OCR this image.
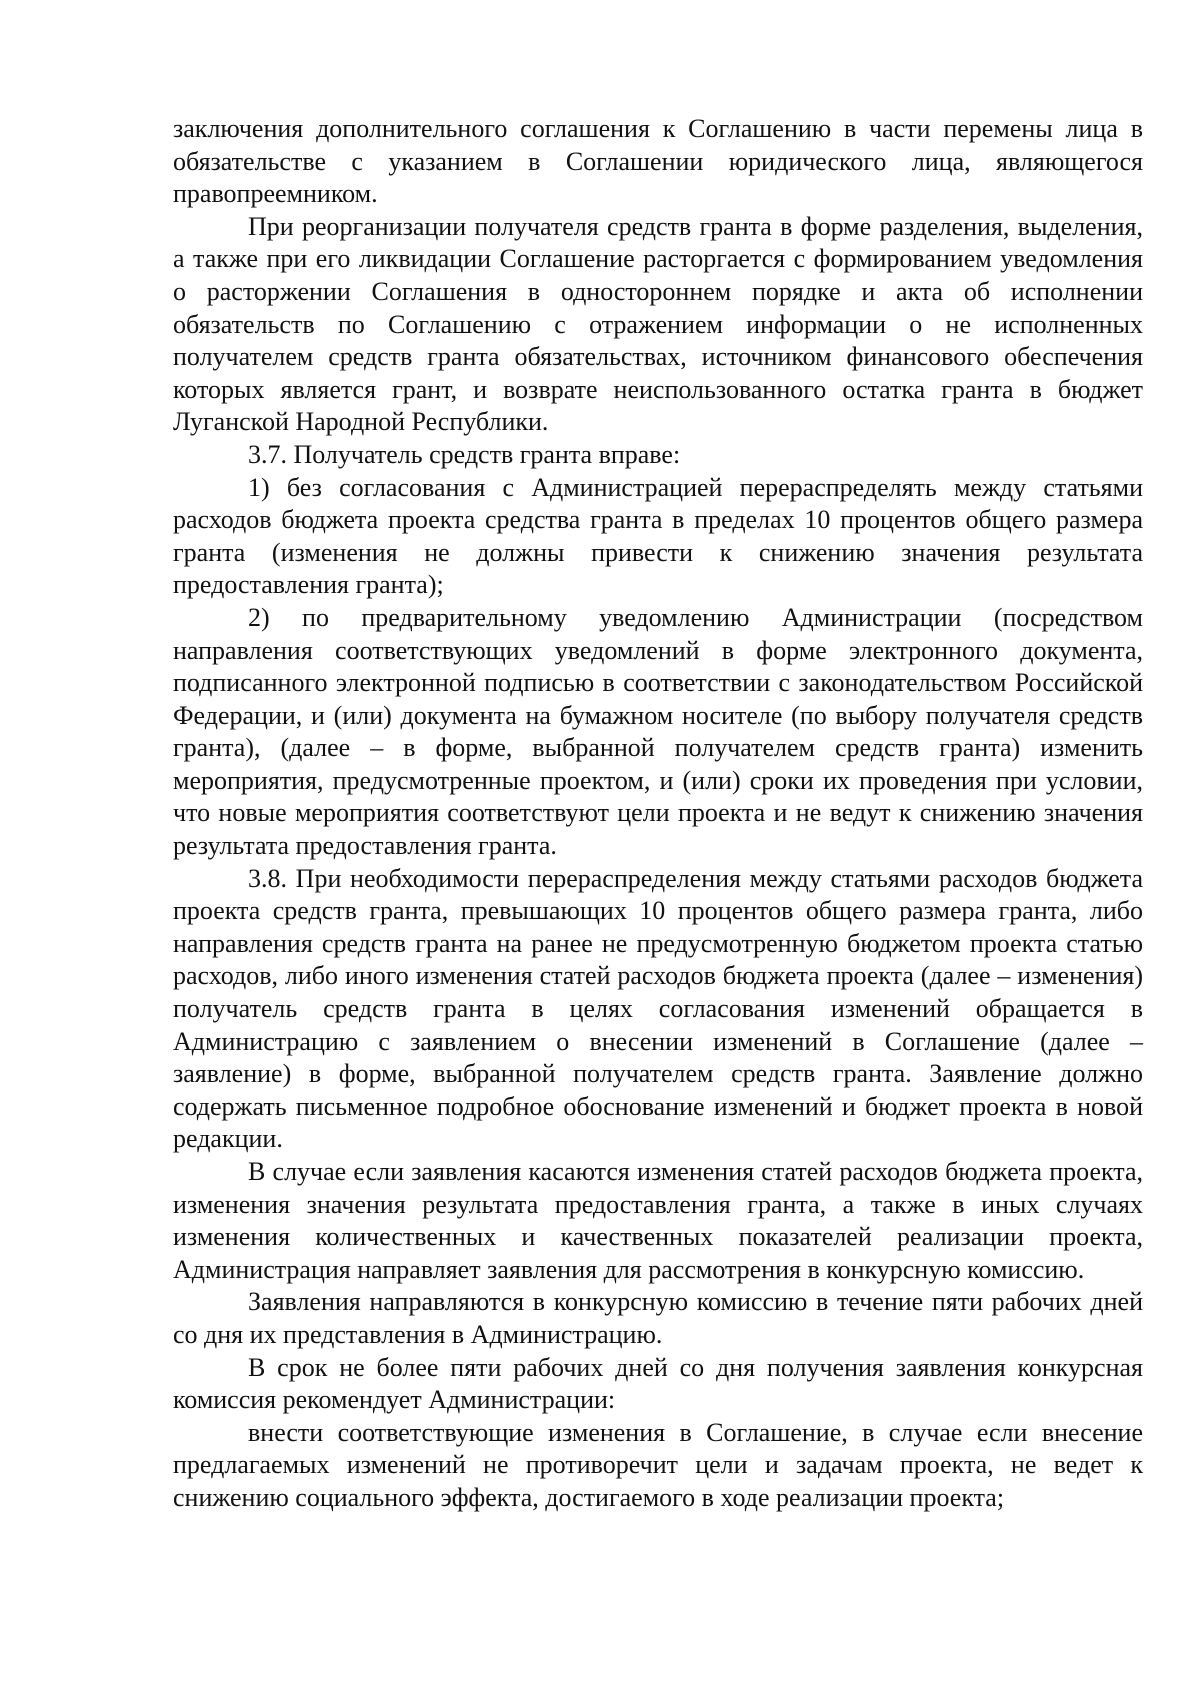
заключения дополнительного соглашения к Соглашению в части перемены лица в обязательстве с указанием в Соглашении юридического лица, являющегося правопреемником.

При реорганизации получателя средств гранта в форме разделения, выделения, а также при его ликвидации Соглашение расторгается с формированием уведомления о расторжении Соглашения в одностороннем порядке и акта об исполнении обязательств по Соглашению с отражением информации о не исполненных получателем средств гранта обязательствах, источником финансового обеспечения которых является грант, и возврате неиспользованного остатка гранта в бюджет Луганской Народной Республики.

3.7. Получатель средств гранта вправе:

1) без согласования с Администрацией перераспределять между статьями расходов бюджета проекта средства гранта в пределах 10 процентов общего размера гранта (изменения не должны привести к снижению значения результата предоставления гранта);

2) по предварительному уведомлению Администрации (посредством направления соответствующих уведомлений в форме электронного документа, подписанного электронной подписью в соответствии с законодательством Российской Федерации, и (или) документа на бумажном носителе (по выбору получателя средств гранта), (далее – в форме, выбранной получателем средств гранта) изменить мероприятия, предусмотренные проектом, и (или) сроки их проведения при условии, что новые мероприятия соответствуют цели проекта и не ведут к снижению значения результата предоставления гранта.

3.8. При необходимости перераспределения между статьями расходов бюджета проекта средств гранта, превышающих 10 процентов общего размера гранта, либо направления средств гранта на ранее не предусмотренную бюджетом проекта статью расходов, либо иного изменения статей расходов бюджета проекта (далее – изменения) получатель средств гранта в целях согласования изменений обращается в Администрацию с заявлением о внесении изменений в Соглашение (далее – заявление) в форме, выбранной получателем средств гранта. Заявление должно содержать письменное подробное обоснование изменений и бюджет проекта в новой редакции.

В случае если заявления касаются изменения статей расходов бюджета проекта, изменения значения результата предоставления гранта, а также в иных случаях изменения количественных и качественных показателей реализации проекта, Администрация направляет заявления для рассмотрения в конкурсную комиссию.

Заявления направляются в конкурсную комиссию в течение пяти рабочих дней со дня их представления в Администрацию.

В срок не более пяти рабочих дней со дня получения заявления конкурсная комиссия рекомендует Администрации:

внести соответствующие изменения в Соглашение, в случае если внесение предлагаемых изменений не противоречит цели и задачам проекта, не ведет к снижению социального эффекта, достигаемого в ходе реализации проекта;
